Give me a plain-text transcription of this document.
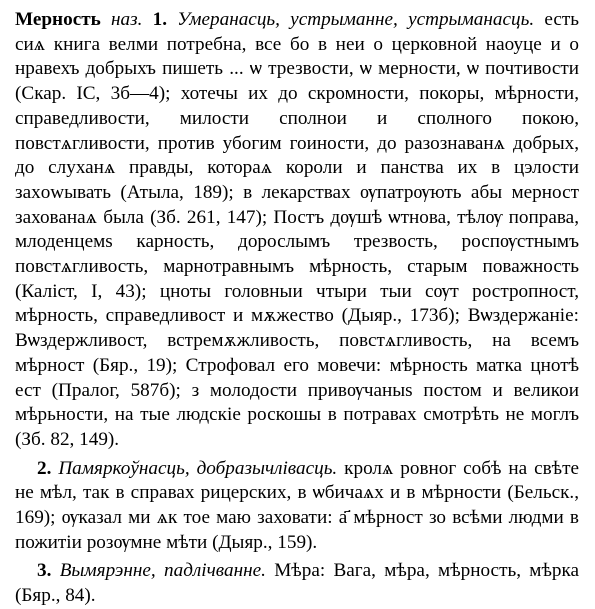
Мерность наз. 1. Умеранасць, устрыманне, устрыманасць. есть сиѧ книга велми потребна, все бо в неи о церковной наоуце и о нравехъ добрыхъ пишеть ... ѡ трезвости, ѡ мерности, ѡ почтивости (Скар. IС, 3б—4); хотечы их до скромности, покоры, мѣрности, справедливости, милости сполнои и сполного покою, повстѧгливости, против убогим гоиности, до разознаванѧ добрых, до слуханѧ правды, котораѧ короли и панства их в цэлости захowывать (Атыла, 189); в лекарствах ѹпатрѹють абы мерност захованаѧ была (Зб. 261, 147); Постъ дѹшѣ ѡтнова, тѣлѹ поправа, млоденцемѕ карность, дорослымъ трезвость, роспѹстнымъ повстѧгливость, марнотравнымъ мѣрность, старым поважность (Каліст, I, 43); цноты головныи чтыри тыи сѹт ростропност, мѣрность, справедливост и мѫжество (Дыяр., 173б); Вѡздержаніе: Вѡздержливост, встремѫжливость, повстѧгливость, на всемъ мѣрност (Бяр., 19); Строфовал его мовечи: мѣрность матка цнотѣ ест (Пралог, 587б); з молодости привѹчаныѕ постом и великои мѣрьности, на тые людскіе роскошы в потравах смотрѣть не моглъ (Зб. 82, 149).

2. Памяркоўнасць, добразычлівасць. кролѧ ровног собѣ на свѣте не мѣл, так в справах рицерских, в ѡбичаѧх и в мѣрности (Бельск., 169); ѹказал ми ѧк тое маю заховати: а҃ мѣрност зо всѣми людми в пожитiи розѹмне мѣти (Дыяр., 159).

3. Вымярэнне, падлічванне. Мѣра: Вага, мѣра, мѣрность, мѣрка (Бяр., 84).
